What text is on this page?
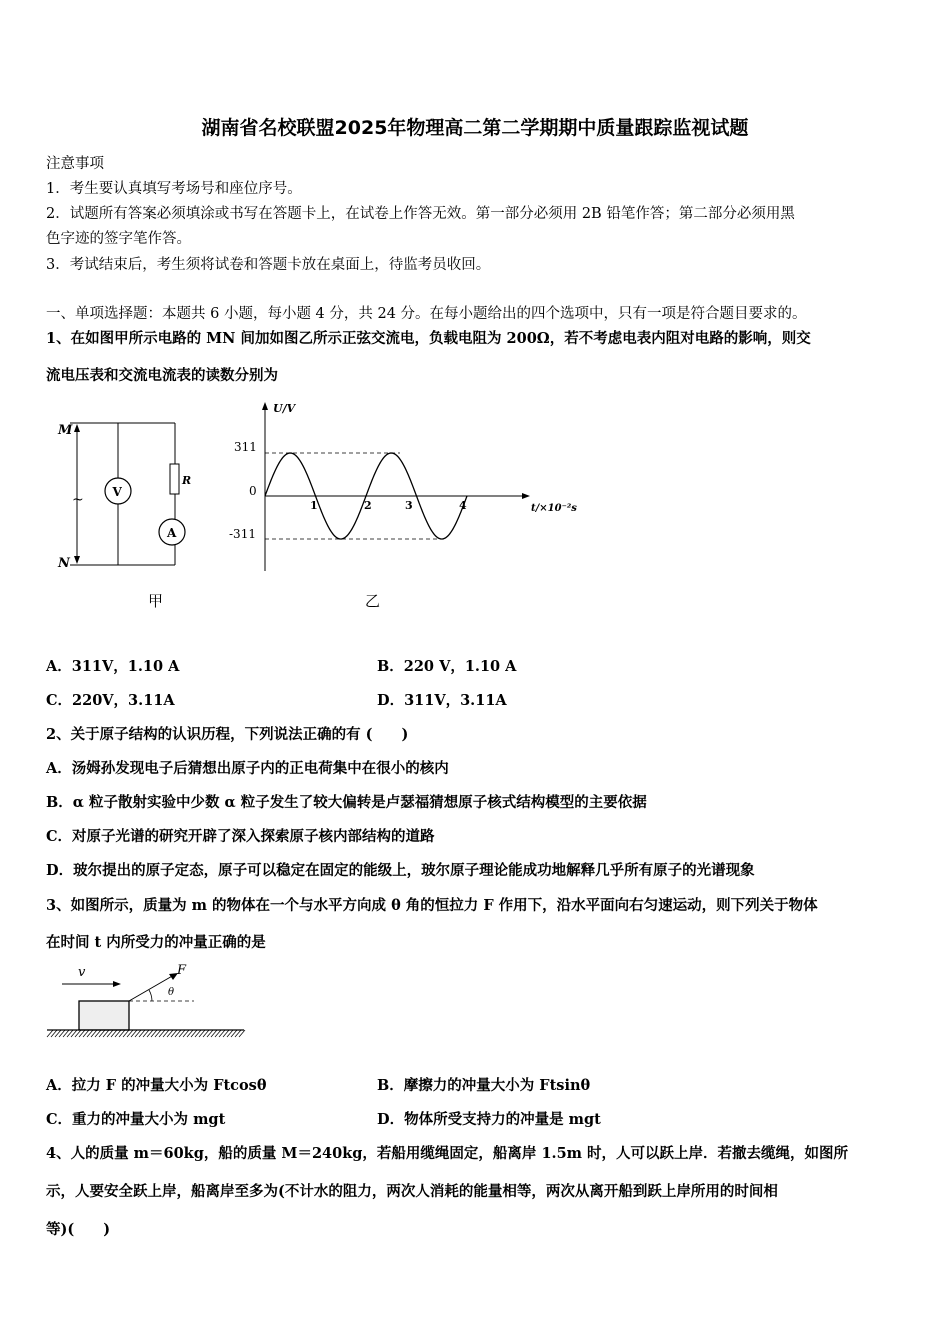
湖南省名校联盟2025年物理高二第二学期期中质量跟踪监视试题
注意事项
1．考生要认真填写考场号和座位序号。
2．试题所有答案必须填涂或书写在答题卡上，在试卷上作答无效。第一部分必须用 2B 铅笔作答；第二部分必须用黑
色字迹的签字笔作答。
3．考试结束后，考生须将试卷和答题卡放在桌面上，待监考员收回。
一、单项选择题：本题共 6 小题，每小题 4 分，共 24 分。在每小题给出的四个选项中，只有一项是符合题目要求的。
1、在如图甲所示电路的 MN 间加如图乙所示正弦交流电，负载电阻为 200Ω，若不考虑电表内阻对电路的影响，则交
流电压表和交流电流表的读数分别为
M
N
~ V
R
A
甲
U/V
t/×10⁻²s
311
0
-311
1	2	3	4
乙
A．311V，1.10 A	B．220 V，1.10 A
C．220V，3.11A	D．311V，3.11A
2、关于原子结构的认识历程，下列说法正确的有 (　　)
A．汤姆孙发现电子后猜想出原子内的正电荷集中在很小的核内
B．α 粒子散射实验中少数 α 粒子发生了较大偏转是卢瑟福猜想原子核式结构模型的主要依据
C．对原子光谱的研究开辟了深入探索原子核内部结构的道路
D．玻尔提出的原子定态，原子可以稳定在固定的能级上，玻尔原子理论能成功地解释几乎所有原子的光谱现象
3、如图所示，质量为 m 的物体在一个与水平方向成 θ 角的恒拉力 F 作用下，沿水平面向右匀速运动，则下列关于物体
在时间 t 内所受力的冲量正确的是
v	F
θ
A．拉力 F 的冲量大小为 Ftcosθ	B．摩擦力的冲量大小为 Ftsinθ
C．重力的冲量大小为 mgt	D．物体所受支持力的冲量是 mgt
4、人的质量 m＝60kg，船的质量 M＝240kg，若船用缆绳固定，船离岸 1.5m 时，人可以跃上岸．若撤去缆绳，如图所
示，人要安全跃上岸，船离岸至多为(不计水的阻力，两次人消耗的能量相等，两次从离开船到跃上岸所用的时间相
等)(　　)
